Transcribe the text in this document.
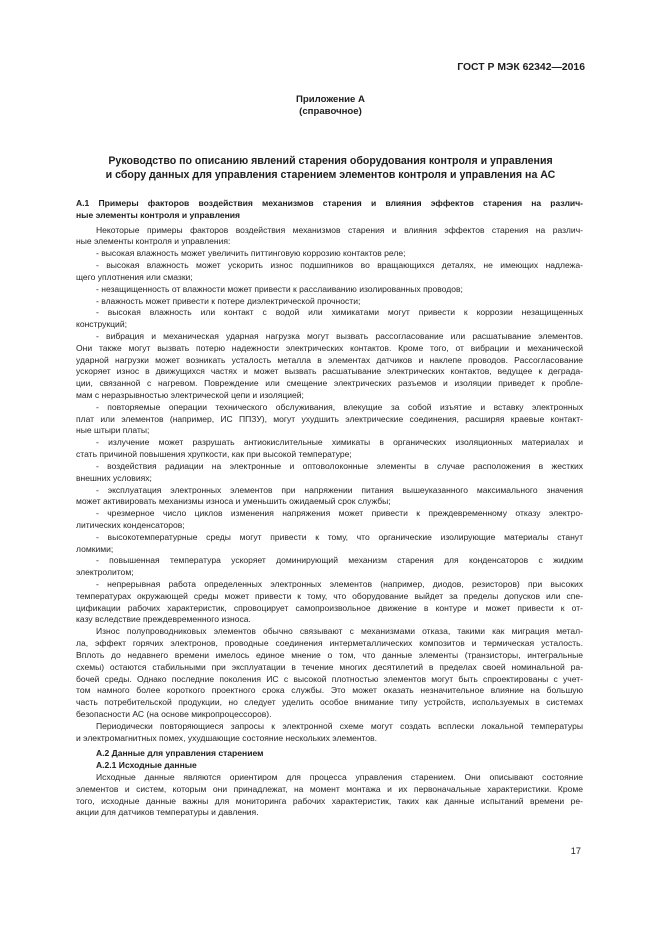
ГОСТ Р МЭК 62342—2016
Приложение А
(справочное)
Руководство по описанию явлений старения оборудования контроля и управления
и сбору данных для управления старением элементов контроля и управления на АС
А.1 Примеры факторов воздействия механизмов старения и влияния эффектов старения на различ-
ные элементы контроля и управления
Некоторые примеры факторов воздействия механизмов старения и влияния эффектов старения на различ-
ные элементы контроля и управления:
- высокая влажность может увеличить питтинговую коррозию контактов реле;
- высокая влажность может ускорить износ подшипников во вращающихся деталях, не имеющих надлежа-
щего уплотнения или смазки;
- незащищенность от влажности может привести к расслаиванию изолированных проводов;
- влажность может привести к потере диэлектрической прочности;
- высокая влажность или контакт с водой или химикатами могут привести к коррозии незащищенных
конструкций;
- вибрация и механическая ударная нагрузка могут вызвать рассогласование или расшатывание элементов.
Они также могут вызвать потерю надежности электрических контактов. Кроме того, от вибрации и механической
ударной нагрузки может возникать усталость металла в элементах датчиков и наклепе проводов. Рассогласование
ускоряет износ в движущихся частях и может вызвать расшатывание электрических контактов, ведущее к деграда-
ции, связанной с нагревом. Повреждение или смещение электрических разъемов и изоляции приведет к пробле-
мам с неразрывностью электрической цепи и изоляцией;
- повторяемые операции технического обслуживания, влекущие за собой изъятие и вставку электронных
плат или элементов (например, ИС ППЗУ), могут ухудшить электрические соединения, расширяя краевые контакт-
ные штыри платы;
- излучение может разрушать антиокислительные химикаты в органических изоляционных материалах и
стать причиной повышения хрупкости, как при высокой температуре;
- воздействия радиации на электронные и оптоволоконные элементы в случае расположения в жестких
внешних условиях;
- эксплуатация электронных элементов при напряжении питания вышеуказанного максимального значения
может активировать механизмы износа и уменьшить ожидаемый срок службы;
- чрезмерное число циклов изменения напряжения может привести к преждевременному отказу электро-
литических конденсаторов;
- высокотемпературные среды могут привести к тому, что органические изолирующие материалы станут
ломкими;
- повышенная температура ускоряет доминирующий механизм старения для конденсаторов с жидким
электролитом;
- непрерывная работа определенных электронных элементов (например, диодов, резисторов) при высоких
температурах окружающей среды может привести к тому, что оборудование выйдет за пределы допусков или спе-
цификации рабочих характеристик, спровоцирует самопроизвольное движение в контуре и может привести к от-
казу вследствие преждевременного износа.
Износ полупроводниковых элементов обычно связывают с механизмами отказа, такими как миграция метал-
ла, эффект горячих электронов, проводные соединения интерметаллических композитов и термическая усталость.
Вплоть до недавнего времени имелось единое мнение о том, что данные элементы (транзисторы, интегральные
схемы) остаются стабильными при эксплуатации в течение многих десятилетий в пределах своей номинальной ра-
бочей среды. Однако последние поколения ИС с высокой плотностью элементов могут быть спроектированы с учет-
том намного более короткого проектного срока службы. Это может оказать незначительное влияние на большую
часть потребительской продукции, но следует уделить особое внимание типу устройств, используемых в системах
безопасности АС (на основе микропроцессоров).
Периодически повторяющиеся запросы к электронной схеме могут создать всплески локальной температуры
и электромагнитных помех, ухудшающие состояние нескольких элементов.
А.2 Данные для управления старением
А.2.1 Исходные данные
Исходные данные являются ориентиром для процесса управления старением. Они описывают состояние
элементов и систем, которым они принадлежат, на момент монтажа и их первоначальные характеристики. Кроме
того, исходные данные важны для мониторинга рабочих характеристик, таких как данные испытаний времени ре-
акции для датчиков температуры и давления.
17
